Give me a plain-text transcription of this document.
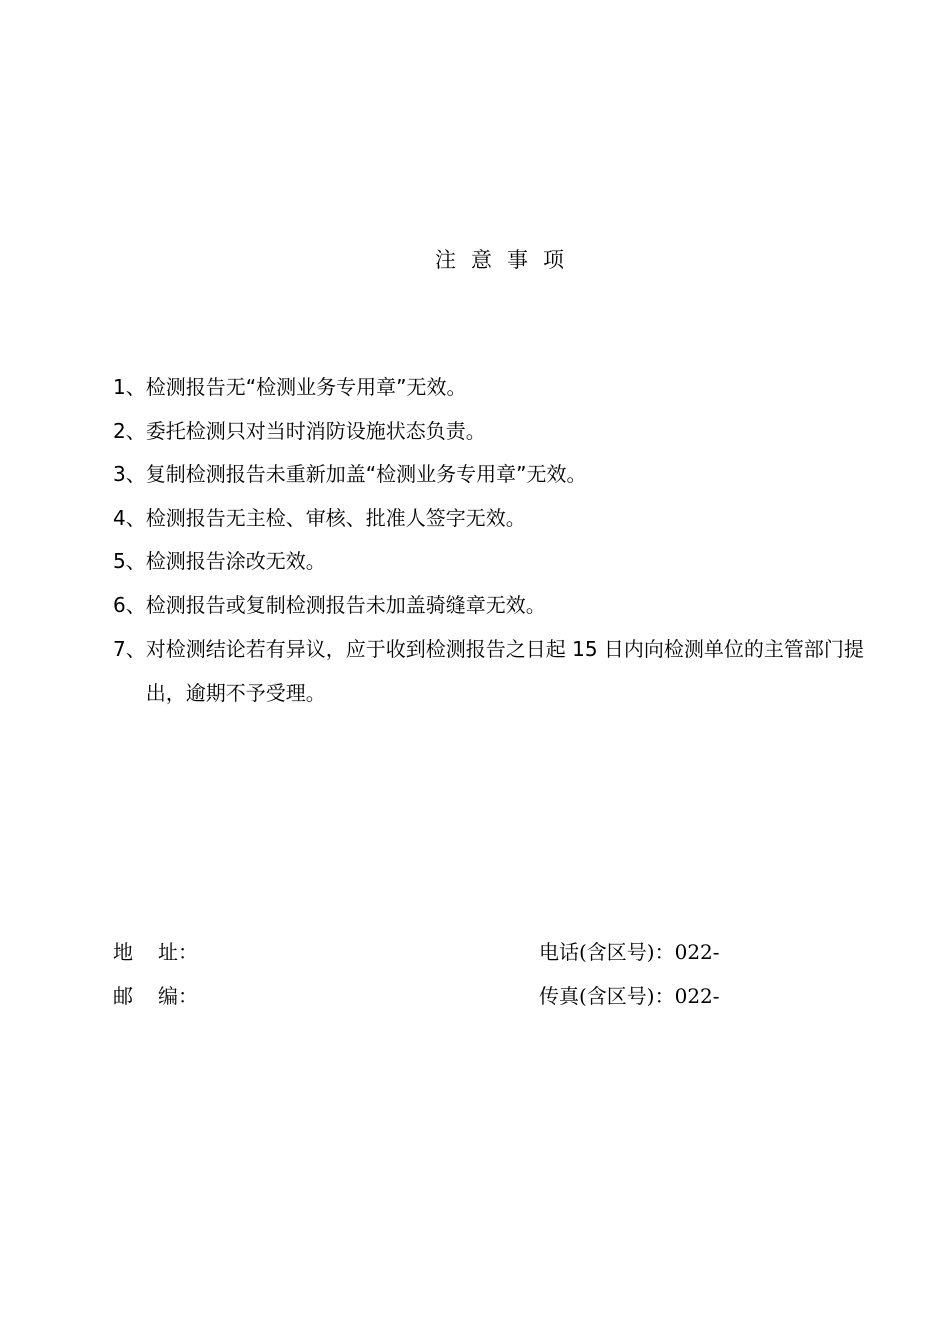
注意事项
1、 检测报告无“检测业务专用章”无效。
2、 委托检测只对当时消防设施状态负责。
3、 复制检测报告未重新加盖“检测业务专用章”无效。
4、 检测报告无主检、审核、批准人签字无效。
5、 检测报告涂改无效。
6、 检测报告或复制检测报告未加盖骑缝章无效。
7、 对检测结论若有异议，应于收到检测报告之日起 15 日内向检测单位的主管部门提出，逾期不予受理。
地 址：
邮 编：
电话(含区号)：022-
传真(含区号)：022-
